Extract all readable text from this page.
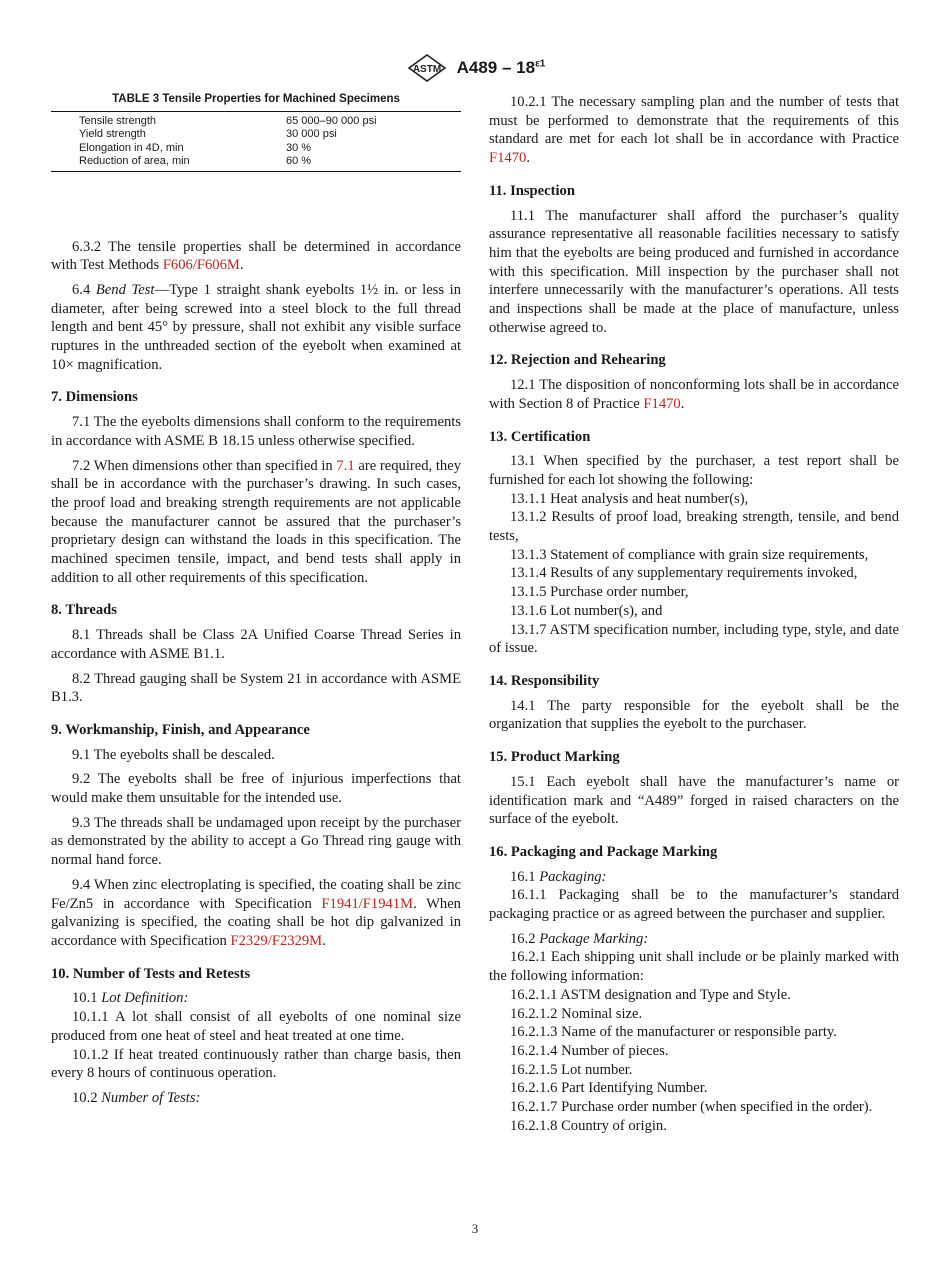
ASTM $A489 - 18^{\varepsilon 1}$
TABLE 3 Tensile Properties for Machined Specimens

Tensile strength	65 000–90 000 psi
Yield strength	30 000 psi
Elongation in 4D, min	30 %
Reduction of area, min	60 %

6.3.2 The tensile properties shall be determined in accordance with Test Methods F606/F606M.

6.4 Bend Test—Type 1 straight shank eyebolts 1½ in. or less in diameter, after being screwed into a steel block to the full thread length and bent 45° by pressure, shall not exhibit any visible surface ruptures in the unthreaded section of the eyebolt when examined at 10× magnification.

7. Dimensions

7.1 The the eyebolts dimensions shall conform to the requirements in accordance with ASME B 18.15 unless otherwise specified.

7.2 When dimensions other than specified in 7.1 are required, they shall be in accordance with the purchaser’s drawing. In such cases, the proof load and breaking strength requirements are not applicable because the manufacturer cannot be assured that the purchaser’s proprietary design can withstand the loads in this specification. The machined specimen tensile, impact, and bend tests shall apply in addition to all other requirements of this specification.

8. Threads

8.1 Threads shall be Class 2A Unified Coarse Thread Series in accordance with ASME B1.1.

8.2 Thread gauging shall be System 21 in accordance with ASME B1.3.

9. Workmanship, Finish, and Appearance

9.1 The eyebolts shall be descaled.

9.2 The eyebolts shall be free of injurious imperfections that would make them unsuitable for the intended use.

9.3 The threads shall be undamaged upon receipt by the purchaser as demonstrated by the ability to accept a Go Thread ring gauge with normal hand force.

9.4 When zinc electroplating is specified, the coating shall be zinc Fe/Zn5 in accordance with Specification F1941/F1941M. When galvanizing is specified, the coating shall be hot dip galvanized in accordance with Specification F2329/F2329M.

10. Number of Tests and Retests

10.1 Lot Definition:

10.1.1 A lot shall consist of all eyebolts of one nominal size produced from one heat of steel and heat treated at one time.

10.1.2 If heat treated continuously rather than charge basis, then every 8 hours of continuous operation.

10.2 Number of Tests:

10.2.1 The necessary sampling plan and the number of tests that must be performed to demonstrate that the requirements of this standard are met for each lot shall be in accordance with Practice F1470.

11. Inspection

11.1 The manufacturer shall afford the purchaser’s quality assurance representative all reasonable facilities necessary to satisfy him that the eyebolts are being produced and furnished in accordance with this specification. Mill inspection by the purchaser shall not interfere unnecessarily with the manufacturer’s operations. All tests and inspections shall be made at the place of manufacture, unless otherwise agreed to.

12. Rejection and Rehearing

12.1 The disposition of nonconforming lots shall be in accordance with Section 8 of Practice F1470.

13. Certification

13.1 When specified by the purchaser, a test report shall be furnished for each lot showing the following:

13.1.1 Heat analysis and heat number(s),

13.1.2 Results of proof load, breaking strength, tensile, and bend tests,

13.1.3 Statement of compliance with grain size requirements,

13.1.4 Results of any supplementary requirements invoked,

13.1.5 Purchase order number,

13.1.6 Lot number(s), and

13.1.7 ASTM specification number, including type, style, and date of issue.

14. Responsibility

14.1 The party responsible for the eyebolt shall be the organization that supplies the eyebolt to the purchaser.

15. Product Marking

15.1 Each eyebolt shall have the manufacturer’s name or identification mark and “A489” forged in raised characters on the surface of the eyebolt.

16. Packaging and Package Marking

16.1 Packaging:

16.1.1 Packaging shall be to the manufacturer’s standard packaging practice or as agreed between the purchaser and supplier.

16.2 Package Marking:

16.2.1 Each shipping unit shall include or be plainly marked with the following information:

16.2.1.1 ASTM designation and Type and Style.

16.2.1.2 Nominal size.

16.2.1.3 Name of the manufacturer or responsible party.

16.2.1.4 Number of pieces.

16.2.1.5 Lot number.

16.2.1.6 Part Identifying Number.

16.2.1.7 Purchase order number (when specified in the order).

16.2.1.8 Country of origin.

3
